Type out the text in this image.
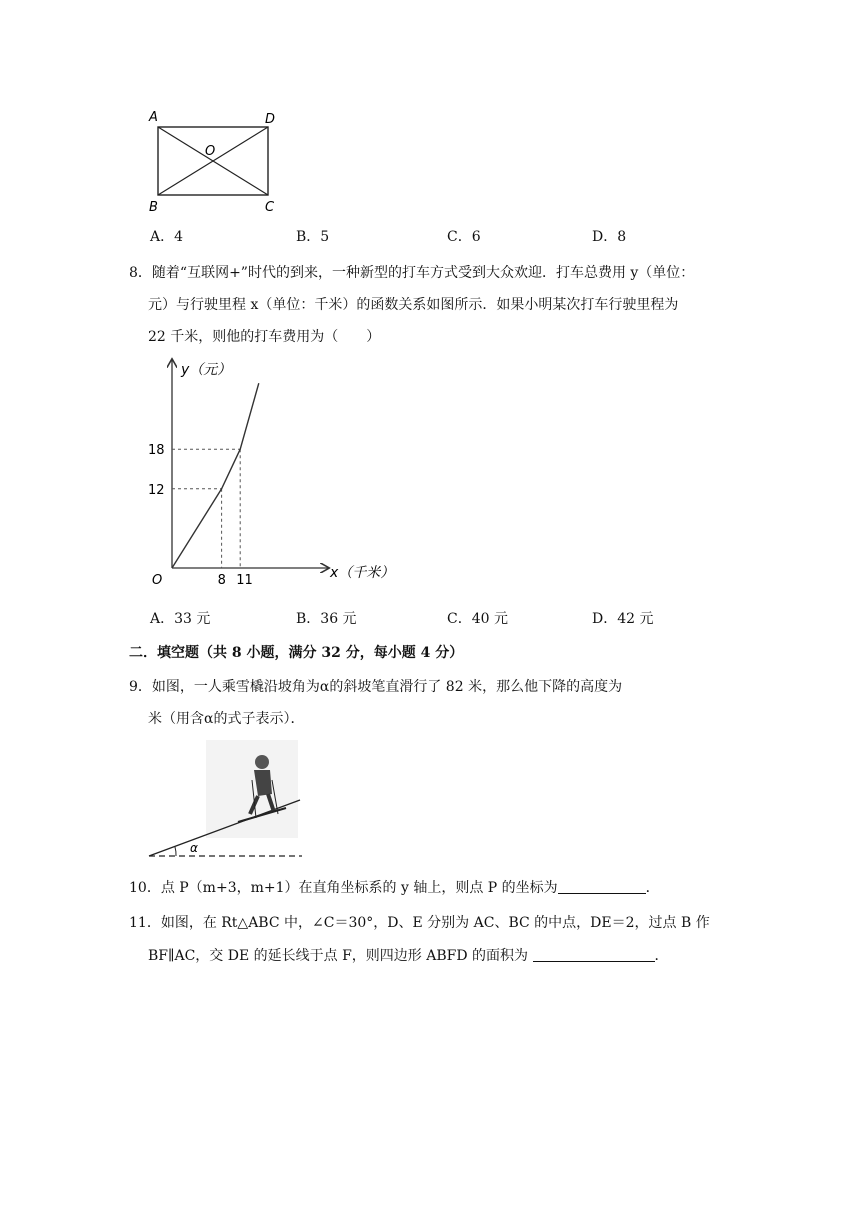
A	D
O
B	C
A．4	B．5	C．6	D．8
8．随着“互联网+”时代的到来，一种新型的打车方式受到大众欢迎．打车总费用 y（单位：
元）与行驶里程 x（单位：千米）的函数关系如图所示．如果小明某次打车行驶里程为
22 千米，则他的打车费用为（　　）
y（元）
x（千米）
O
12
18
8 11
A．33 元	B．36 元	C．40 元	D．42 元
二．填空题（共 8 小题，满分 32 分，每小题 4 分）
9．如图，一人乘雪橇沿坡角为α的斜坡笔直滑行了 82 米，那么他下降的高度为
米（用含α的式子表示）．
α
10．点 P（m+3，m+1）在直角坐标系的 y 轴上，则点 P 的坐标为	．
11．如图，在 Rt△ABC 中，∠C＝30°，D、E 分别为 AC、BC 的中点，DE＝2，过点 B 作
BF∥AC，交 DE 的延长线于点 F，则四边形 ABFD 的面积为	．
